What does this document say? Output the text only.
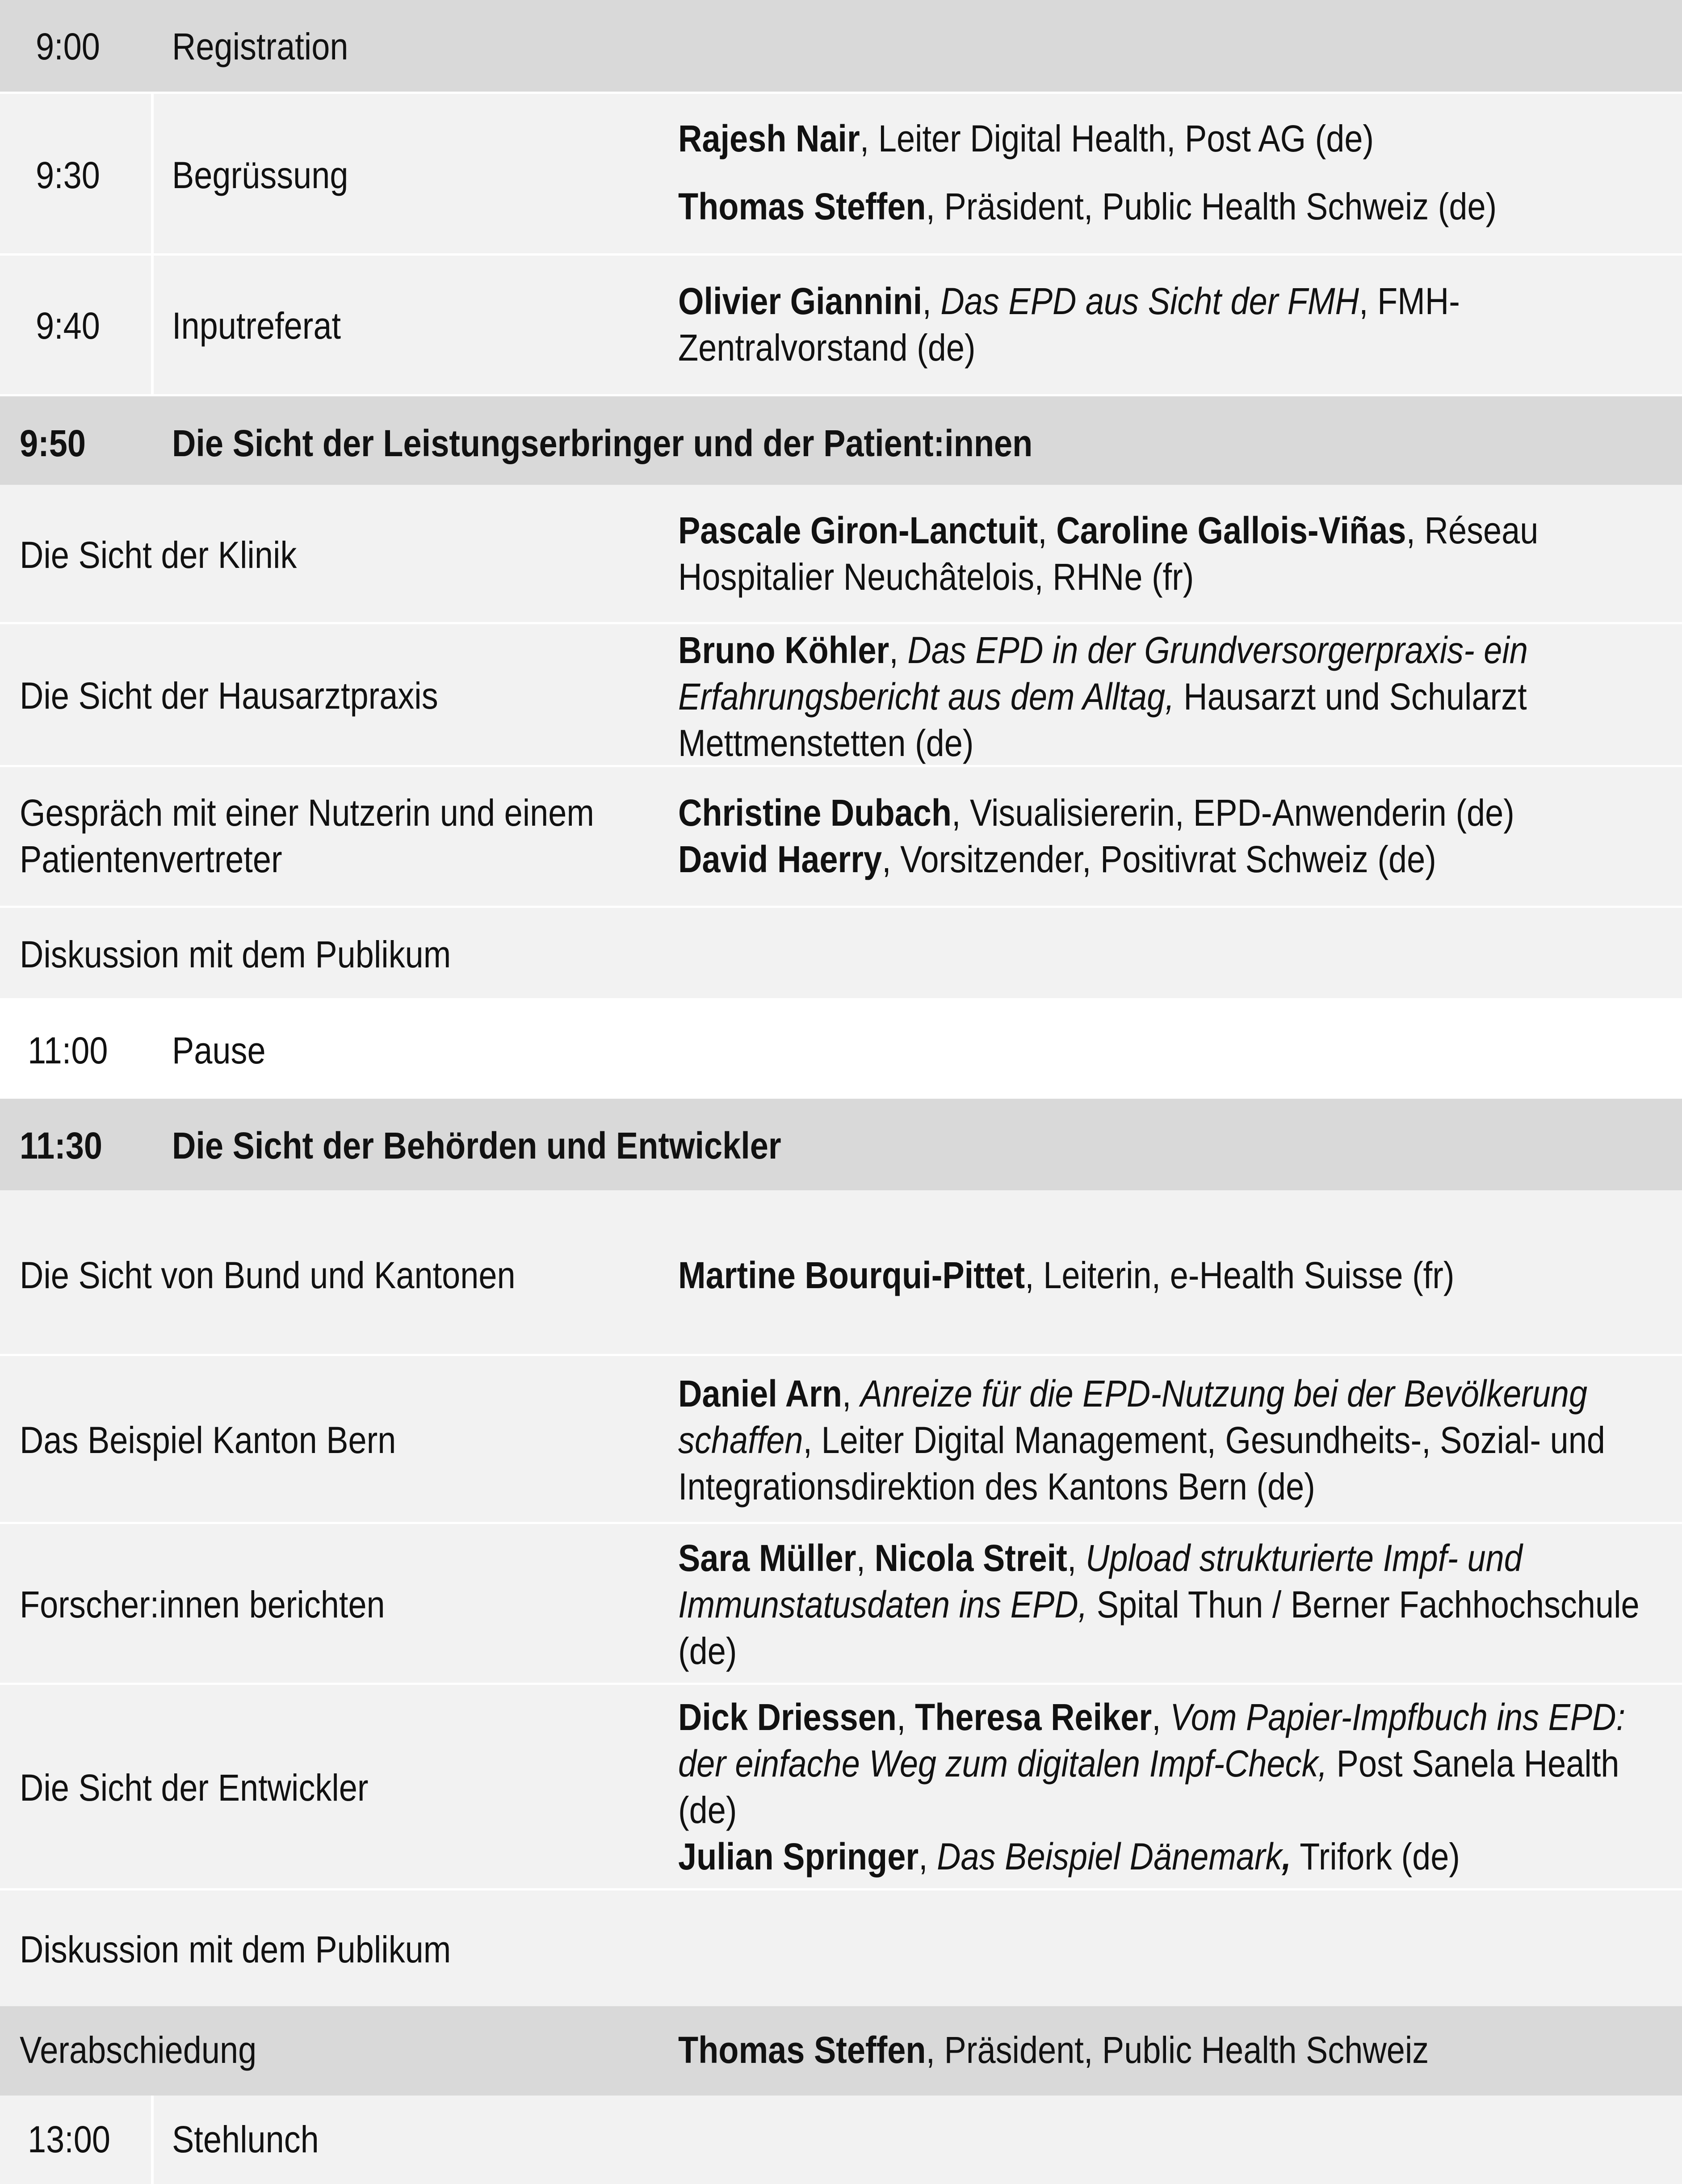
9:00 Registration
9:30 Begrüssung
Rajesh Nair, Leiter Digital Health, Post AG (de)
Thomas Steffen, Präsident, Public Health Schweiz (de)
9:40 Inputreferat
Olivier Giannini, Das EPD aus Sicht der FMH, FMH-
Zentralvorstand (de)
9:50 Die Sicht der Leistungserbringer und der Patient:innen
Die Sicht der Klinik
Pascale Giron-Lanctuit, Caroline Gallois-Viñas, Réseau
Hospitalier Neuchâtelois, RHNe (fr)
Die Sicht der Hausarztpraxis
Bruno Köhler, Das EPD in der Grundversorgerpraxis- ein
Erfahrungsbericht aus dem Alltag, Hausarzt und Schularzt
Mettmenstetten (de)
Gespräch mit einer Nutzerin und einem
Patientenvertreter
Christine Dubach, Visualisiererin, EPD-Anwenderin (de)
David Haerry, Vorsitzender, Positivrat Schweiz (de)
Diskussion mit dem Publikum
11:00 Pause
11:30 Die Sicht der Behörden und Entwickler
Die Sicht von Bund und Kantonen	Martine Bourqui-Pittet, Leiterin, e-Health Suisse (fr)
Das Beispiel Kanton Bern
Daniel Arn, Anreize für die EPD-Nutzung bei der Bevölkerung
schaffen, Leiter Digital Management, Gesundheits-, Sozial- und
Integrationsdirektion des Kantons Bern (de)
Forscher:innen berichten
Sara Müller, Nicola Streit, Upload strukturierte Impf- und
Immunstatusdaten ins EPD, Spital Thun / Berner Fachhochschule
(de)
Die Sicht der Entwickler
Dick Driessen, Theresa Reiker, Vom Papier-Impfbuch ins EPD:
der einfache Weg zum digitalen Impf-Check, Post Sanela Health
(de)
Julian Springer, Das Beispiel Dänemark, Trifork (de)
Diskussion mit dem Publikum
Verabschiedung	Thomas Steffen, Präsident, Public Health Schweiz
13:00 Stehlunch
